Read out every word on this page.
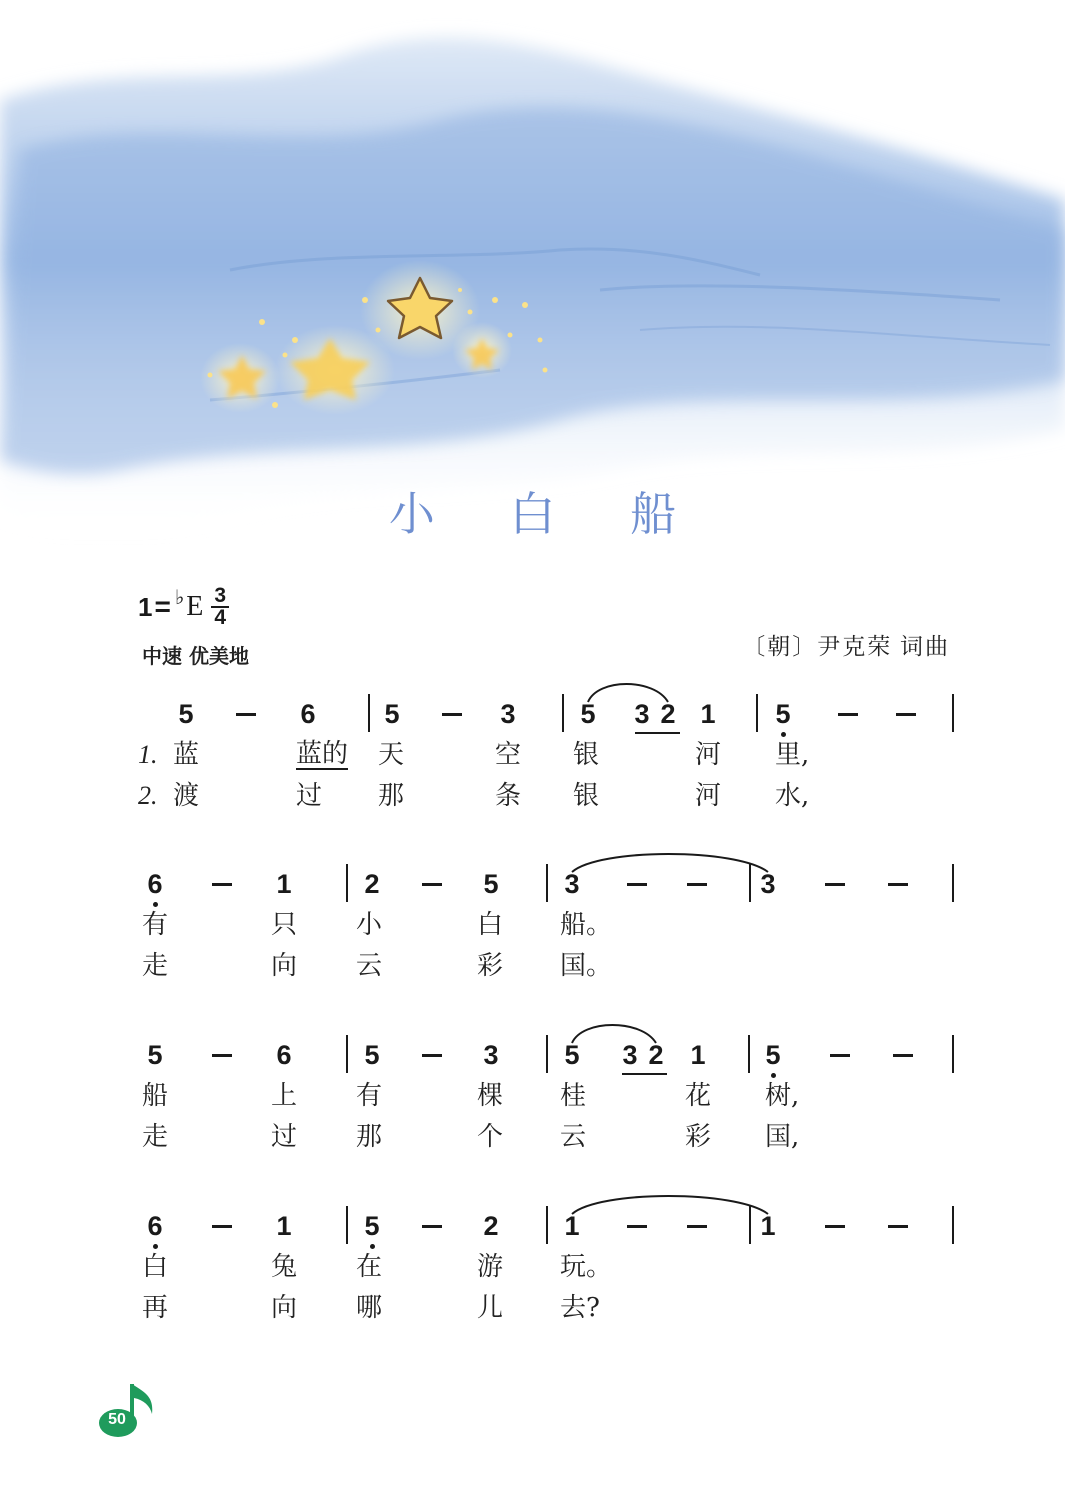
小 白 船
1 = ♭ E $\frac{3}{4}$
中速 优美地	〔朝〕尹克荣 词曲
5	6	5	3 5 3 2 1 5
1. 蓝	蓝的 天	空 银	河 里,
2. 渡	过 那	条 银	河 水,
6	1	2	5 3	3
有	只 小	白 船。
走	向 云	彩 国。
5	6	5	3 5 3 2 1 5
船	上 有	棵 桂	花 树,
走	过 那	个 云	彩 国,
6	1	5	2 1	1
白	兔 在	游 玩。
再	向 哪	儿 去?
50
